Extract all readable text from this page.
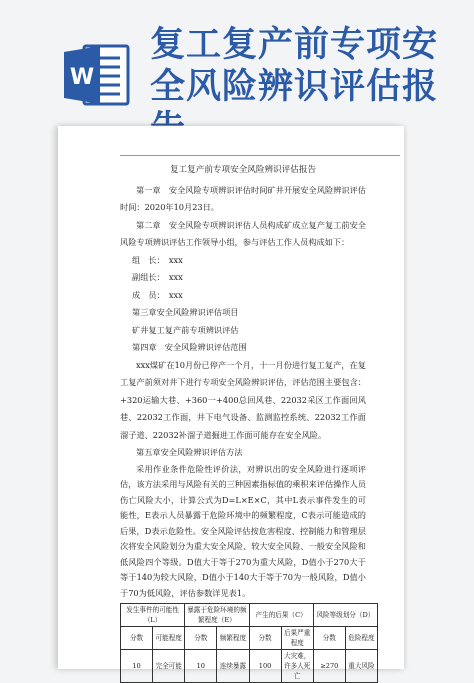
W
复工复产前专项安
全风险辨识评估报
复工复产前专项安全风险辨识评估报告

第一章　安全风险专项辨识评估时间矿井开展安全风险辨识评估时间：2020年10月23日。

第二章　安全风险专项辨识评估人员构成矿成立复产复工前安全风险专项辨识评估工作领导小组，参与评估工作人员构成如下：

组　长：　xxx

副组长：　xxx

成　员：　xxx

第三章安全风险辨识评估项目

矿井复工复产前专项辨识评估

第四章　安全风险辨识评估范围

xxx煤矿在10月份已停产一个月，十一月份进行复工复产，在复工复产前须对井下进行专项安全风险辨识评估，评估范围主要包含：+320运输大巷、+360一+400总回风巷、22032采区工作面回风巷、22032工作面，井下电气设备、监测监控系统、22032工作面溜子道、22032补溜子道掘进工作面可能存在安全风险。

第五章安全风险辨识评估方法

采用作业条件危险性评价法，对辨识出的安全风险进行逐项评估，该方法采用与风险有关的三种因素指标值的乘积来评估操作人员伤亡风险大小，计算公式为D=L×E×C，其中L表示事件发生的可能性，E表示人员暴露于危险环境中的频繁程度，C表示可能造成的后果，D表示危险性。安全风险评估按危害程度、控制能力和管理层次将安全风险划分为重大安全风险、较大安全风险、一般安全风险和低风险四个等级。D值大于等于270为重大风险，D值小于270大于等于140为较大风险，D值小于140大于等于70为一般风险，D值小于70为低风险，评估参数详见表1。

发生事件的可能性（L）		暴露于危险环境的频繁程度（E）		产生的后果（C）		风险等级划分（D）	
分数	可能程度	分数	频繁程度	分数	后果严重程度	分数	危险程度
10	完全可能	10	连续暴露	100	大灾难，许多人死亡	≥270	重大风险
